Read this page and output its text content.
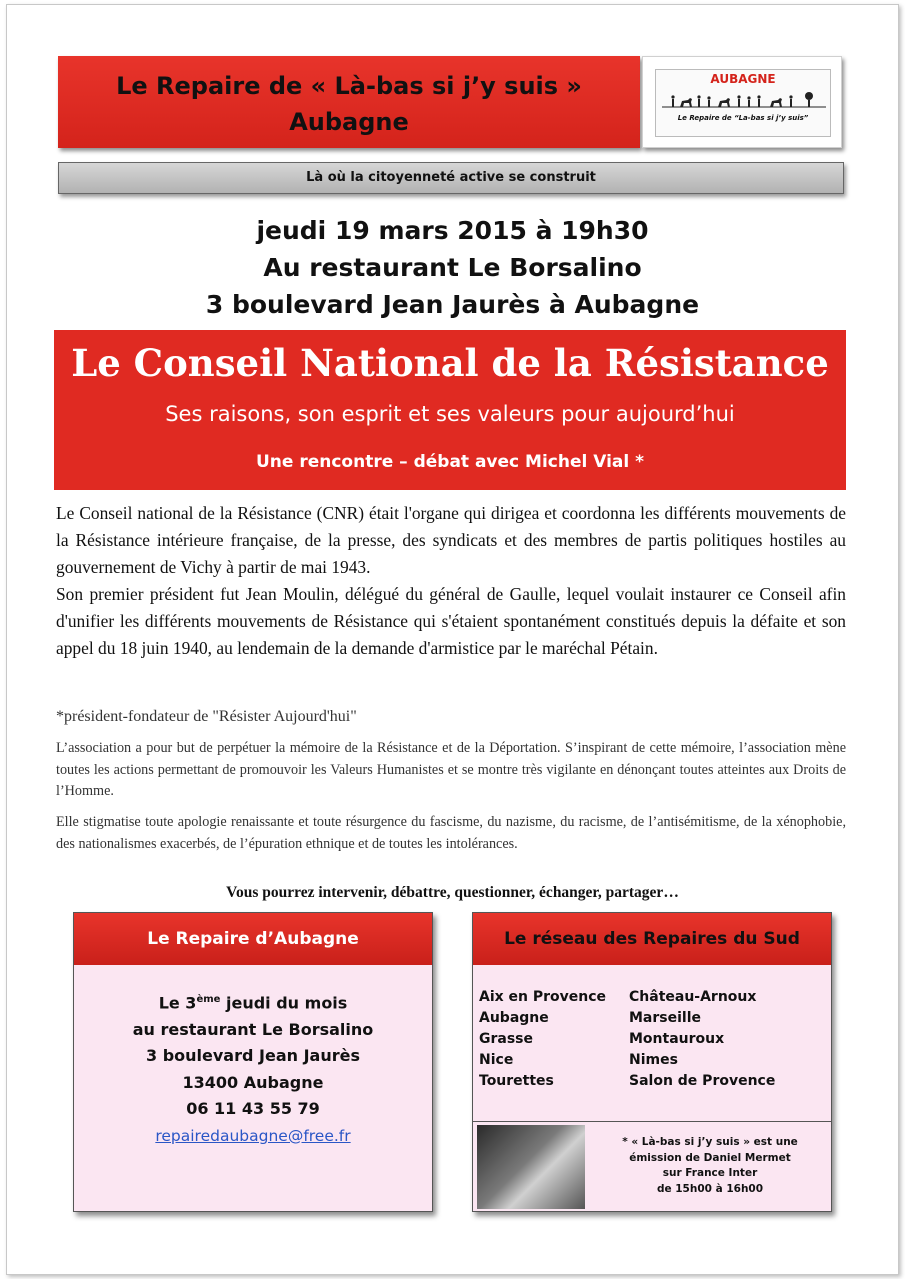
Le Repaire de « Là-bas si j’y suis »
Aubagne
AUBAGNE
Le Repaire de “La-bas si j’y suis”
Là où la citoyenneté active se construit
jeudi 19 mars 2015 à 19h30
Au restaurant Le Borsalino
3 boulevard Jean Jaurès à Aubagne
Le Conseil National de la Résistance
Ses raisons, son esprit et ses valeurs pour aujourd’hui
Une rencontre – débat avec Michel Vial *

Le Conseil national de la Résistance (CNR) était l'organe qui dirigea et coordonna les différents mouvements de la Résistance intérieure française, de la presse, des syndicats et des membres de partis politiques hostiles au gouvernement de Vichy à partir de mai 1943.

Son premier président fut Jean Moulin, délégué du général de Gaulle, lequel voulait instaurer ce Conseil afin d'unifier les différents mouvements de Résistance qui s'étaient spontanément constitués depuis la défaite et son appel du 18 juin 1940, au lendemain de la demande d'armistice par le maréchal Pétain.

*président-fondateur de "Résister Aujourd'hui"

L’association a pour but de perpétuer la mémoire de la Résistance et de la Déportation. S’inspirant de cette mémoire, l’association mène toutes les actions permettant de promouvoir les Valeurs Humanistes et se montre très vigilante en dénonçant toutes atteintes aux Droits de l’Homme.

Elle stigmatise toute apologie renaissante et toute résurgence du fascisme, du nazisme, du racisme, de l’antisémitisme, de la xénophobie, des nationalismes exacerbés, de l’épuration ethnique et de toutes les intolérances.

Vous pourrez intervenir, débattre, questionner, échanger, partager…
Le Repaire d’Aubagne
Le 3ème jeudi du mois
au restaurant Le Borsalino
3 boulevard Jean Jaurès
13400 Aubagne
06 11 43 55 79
repairedaubagne@free.fr
Le réseau des Repaires du Sud
Aix en Provence
Aubagne
Grasse
Nice
Tourettes
Château-Arnoux
Marseille
Montauroux
Nimes
Salon de Provence
* « Là-bas si j’y suis » est une
émission de Daniel Mermet
sur France Inter
de 15h00 à 16h00
